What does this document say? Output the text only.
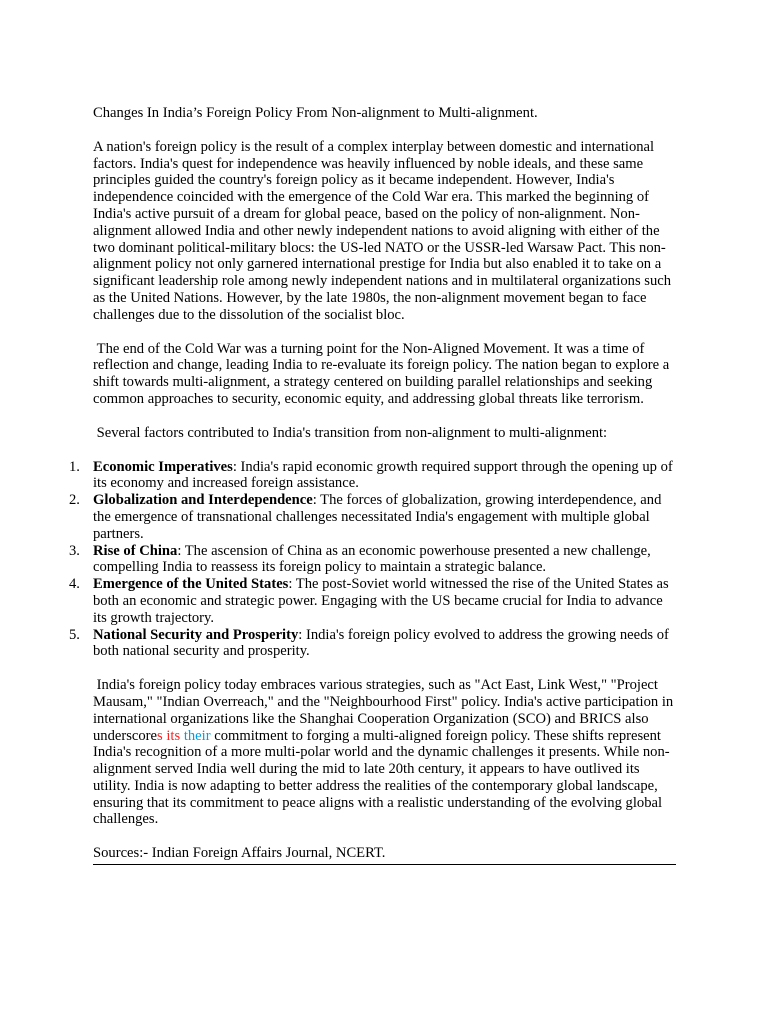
Changes In India’s Foreign Policy From Non-alignment to Multi-alignment.

A nation's foreign policy is the result of a complex interplay between domestic and international factors. India's quest for independence was heavily influenced by noble ideals, and these same principles guided the country's foreign policy as it became independent. However, India's independence coincided with the emergence of the Cold War era. This marked the beginning of India's active pursuit of a dream for global peace, based on the policy of non-alignment. Non-alignment allowed India and other newly independent nations to avoid aligning with either of the two dominant political-military blocs: the US-led NATO or the USSR-led Warsaw Pact. This non-alignment policy not only garnered international prestige for India but also enabled it to take on a significant leadership role among newly independent nations and in multilateral organizations such as the United Nations. However, by the late 1980s, the non-alignment movement began to face challenges due to the dissolution of the socialist bloc.

The end of the Cold War was a turning point for the Non-Aligned Movement. It was a time of reflection and change, leading India to re-evaluate its foreign policy. The nation began to explore a shift towards multi-alignment, a strategy centered on building parallel relationships and seeking common approaches to security, economic equity, and addressing global threats like terrorism.

Several factors contributed to India's transition from non-alignment to multi-alignment:

1. Economic Imperatives: India's rapid economic growth required support through the opening up of its economy and increased foreign assistance.
2. Globalization and Interdependence: The forces of globalization, growing interdependence, and the emergence of transnational challenges necessitated India's engagement with multiple global partners.
3. Rise of China: The ascension of China as an economic powerhouse presented a new challenge, compelling India to reassess its foreign policy to maintain a strategic balance.
4. Emergence of the United States: The post-Soviet world witnessed the rise of the United States as both an economic and strategic power. Engaging with the US became crucial for India to advance its growth trajectory.
5. National Security and Prosperity: India's foreign policy evolved to address the growing needs of both national security and prosperity.

India's foreign policy today embraces various strategies, such as "Act East, Link West," "Project Mausam," "Indian Overreach," and the "Neighbourhood First" policy. India's active participation in international organizations like the Shanghai Cooperation Organization (SCO) and BRICS also underscores its their commitment to forging a multi-aligned foreign policy. These shifts represent India's recognition of a more multi-polar world and the dynamic challenges it presents. While non-alignment served India well during the mid to late 20th century, it appears to have outlived its utility. India is now adapting to better address the realities of the contemporary global landscape, ensuring that its commitment to peace aligns with a realistic understanding of the evolving global challenges.

Sources:- Indian Foreign Affairs Journal, NCERT.
